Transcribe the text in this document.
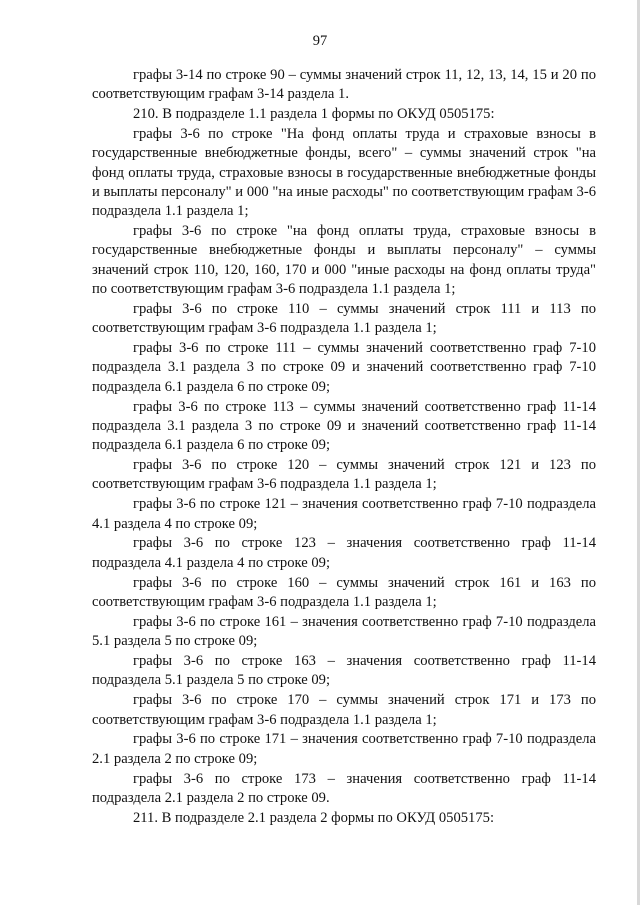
97

графы 3-14 по строке 90 – суммы значений строк 11, 12, 13, 14, 15 и 20 по соответствующим графам 3-14 раздела 1.

210. В подразделе 1.1 раздела 1 формы по ОКУД 0505175:

графы 3-6 по строке "На фонд оплаты труда и страховые взносы в государственные внебюджетные фонды, всего" – суммы значений строк "на фонд оплаты труда, страховые взносы в государственные внебюджетные фонды и выплаты персоналу" и 000 "на иные расходы" по соответствующим графам 3-6 подраздела 1.1 раздела 1;

графы 3-6 по строке "на фонд оплаты труда, страховые взносы в государственные внебюджетные фонды и выплаты персоналу" – суммы значений строк 110, 120, 160, 170 и 000 "иные расходы на фонд оплаты труда" по соответствующим графам 3-6 подраздела 1.1 раздела 1;

графы 3-6 по строке 110 – суммы значений строк 111 и 113 по соответствующим графам 3-6 подраздела 1.1 раздела 1;

графы 3-6 по строке 111 – суммы значений соответственно граф 7-10 подраздела 3.1 раздела 3 по строке 09 и значений соответственно граф 7-10 подраздела 6.1 раздела 6 по строке 09;

графы 3-6 по строке 113 – суммы значений соответственно граф 11-14 подраздела 3.1 раздела 3 по строке 09 и значений соответственно граф 11-14 подраздела 6.1 раздела 6 по строке 09;

графы 3-6 по строке 120 – суммы значений строк 121 и 123 по соответствующим графам 3-6 подраздела 1.1 раздела 1;

графы 3-6 по строке 121 – значения соответственно граф 7-10 подраздела 4.1 раздела 4 по строке 09;

графы 3-6 по строке 123 – значения соответственно граф 11-14 подраздела 4.1 раздела 4 по строке 09;

графы 3-6 по строке 160 – суммы значений строк 161 и 163 по соответствующим графам 3-6 подраздела 1.1 раздела 1;

графы 3-6 по строке 161 – значения соответственно граф 7-10 подраздела 5.1 раздела 5 по строке 09;

графы 3-6 по строке 163 – значения соответственно граф 11-14 подраздела 5.1 раздела 5 по строке 09;

графы 3-6 по строке 170 – суммы значений строк 171 и 173 по соответствующим графам 3-6 подраздела 1.1 раздела 1;

графы 3-6 по строке 171 – значения соответственно граф 7-10 подраздела 2.1 раздела 2 по строке 09;

графы 3-6 по строке 173 – значения соответственно граф 11-14 подраздела 2.1 раздела 2 по строке 09.

211. В подразделе 2.1 раздела 2 формы по ОКУД 0505175:
